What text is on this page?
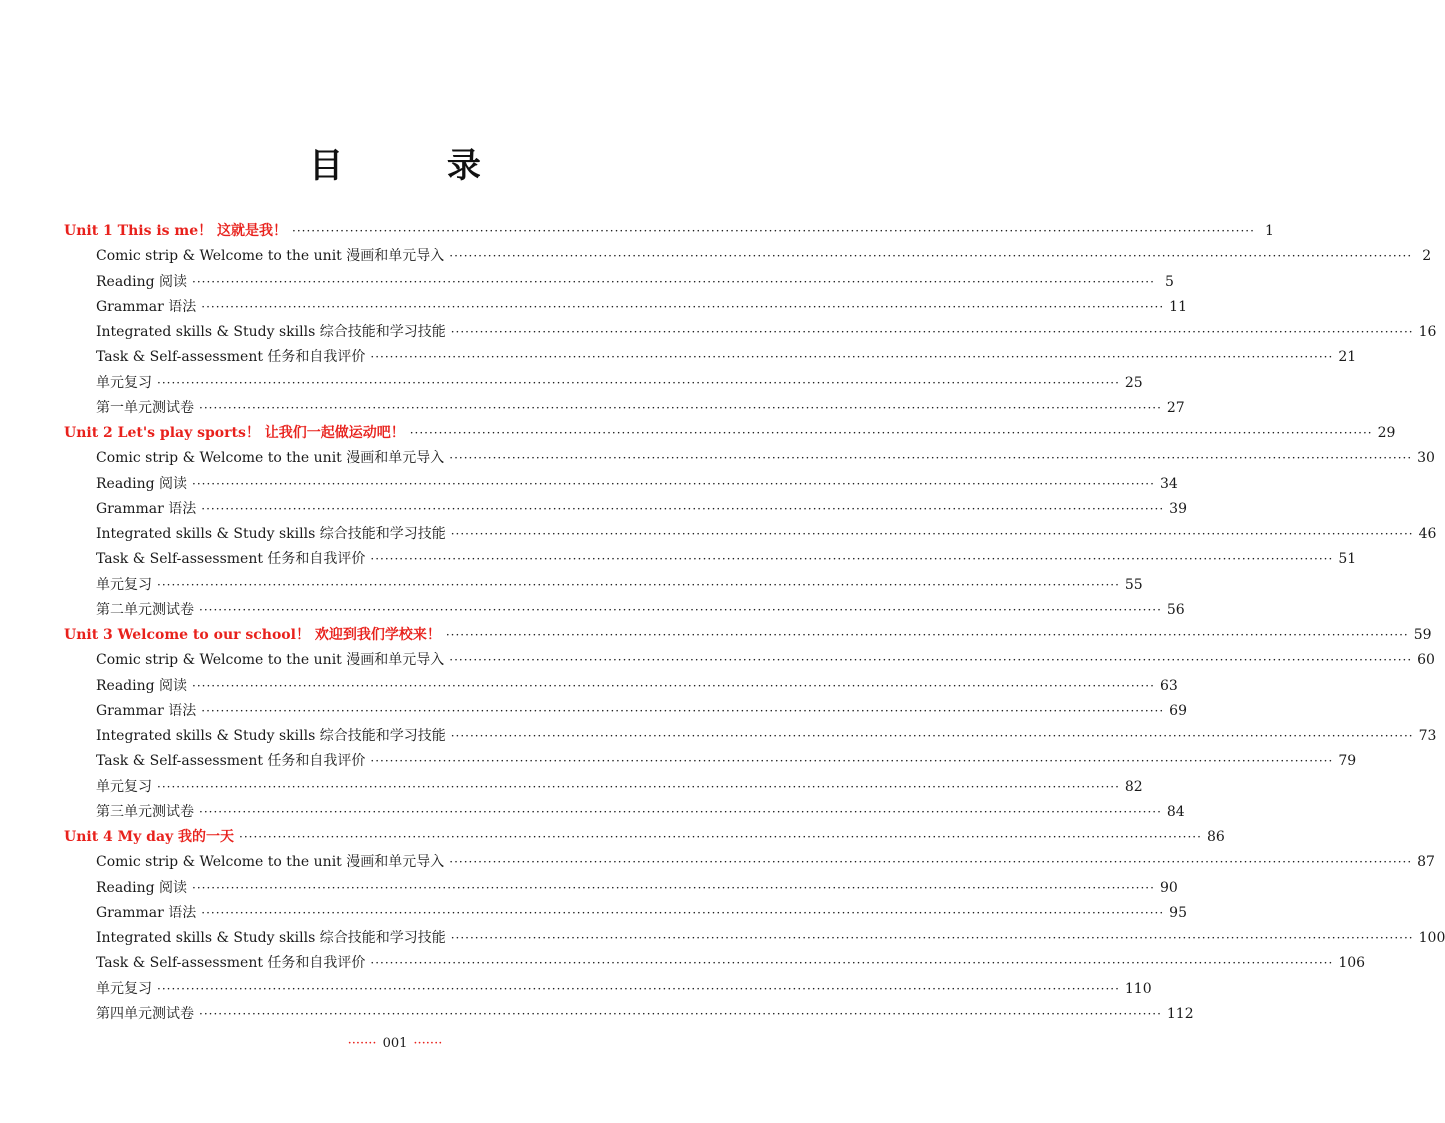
目 录
Unit 1 This is me！ 这就是我！ ········································································································································································································ 1
Comic strip & Welcome to the unit 漫画和单元导入 ········································································································································································································ 2
Reading 阅读 ········································································································································································································ 5
Grammar 语法 ········································································································································································································ 11
Integrated skills & Study skills 综合技能和学习技能 ········································································································································································································ 16
Task & Self-assessment 任务和自我评价 ········································································································································································································ 21
单元复习 ········································································································································································································ 25
第一单元测试卷 ········································································································································································································ 27
Unit 2 Let's play sports！ 让我们一起做运动吧！ ········································································································································································································ 29
Comic strip & Welcome to the unit 漫画和单元导入 ········································································································································································································ 30
Reading 阅读 ········································································································································································································ 34
Grammar 语法 ········································································································································································································ 39
Integrated skills & Study skills 综合技能和学习技能 ········································································································································································································ 46
Task & Self-assessment 任务和自我评价 ········································································································································································································ 51
单元复习 ········································································································································································································ 55
第二单元测试卷 ········································································································································································································ 56
Unit 3 Welcome to our school！ 欢迎到我们学校来！ ········································································································································································································ 59
Comic strip & Welcome to the unit 漫画和单元导入 ········································································································································································································ 60
Reading 阅读 ········································································································································································································ 63
Grammar 语法 ········································································································································································································ 69
Integrated skills & Study skills 综合技能和学习技能 ········································································································································································································ 73
Task & Self-assessment 任务和自我评价 ········································································································································································································ 79
单元复习 ········································································································································································································ 82
第三单元测试卷 ········································································································································································································ 84
Unit 4 My day 我的一天 ········································································································································································································ 86
Comic strip & Welcome to the unit 漫画和单元导入 ········································································································································································································ 87
Reading 阅读 ········································································································································································································ 90
Grammar 语法 ········································································································································································································ 95
Integrated skills & Study skills 综合技能和学习技能 ········································································································································································································ 100
Task & Self-assessment 任务和自我评价 ········································································································································································································ 106
单元复习 ········································································································································································································ 110
第四单元测试卷 ········································································································································································································ 112
······· 001 ·······
